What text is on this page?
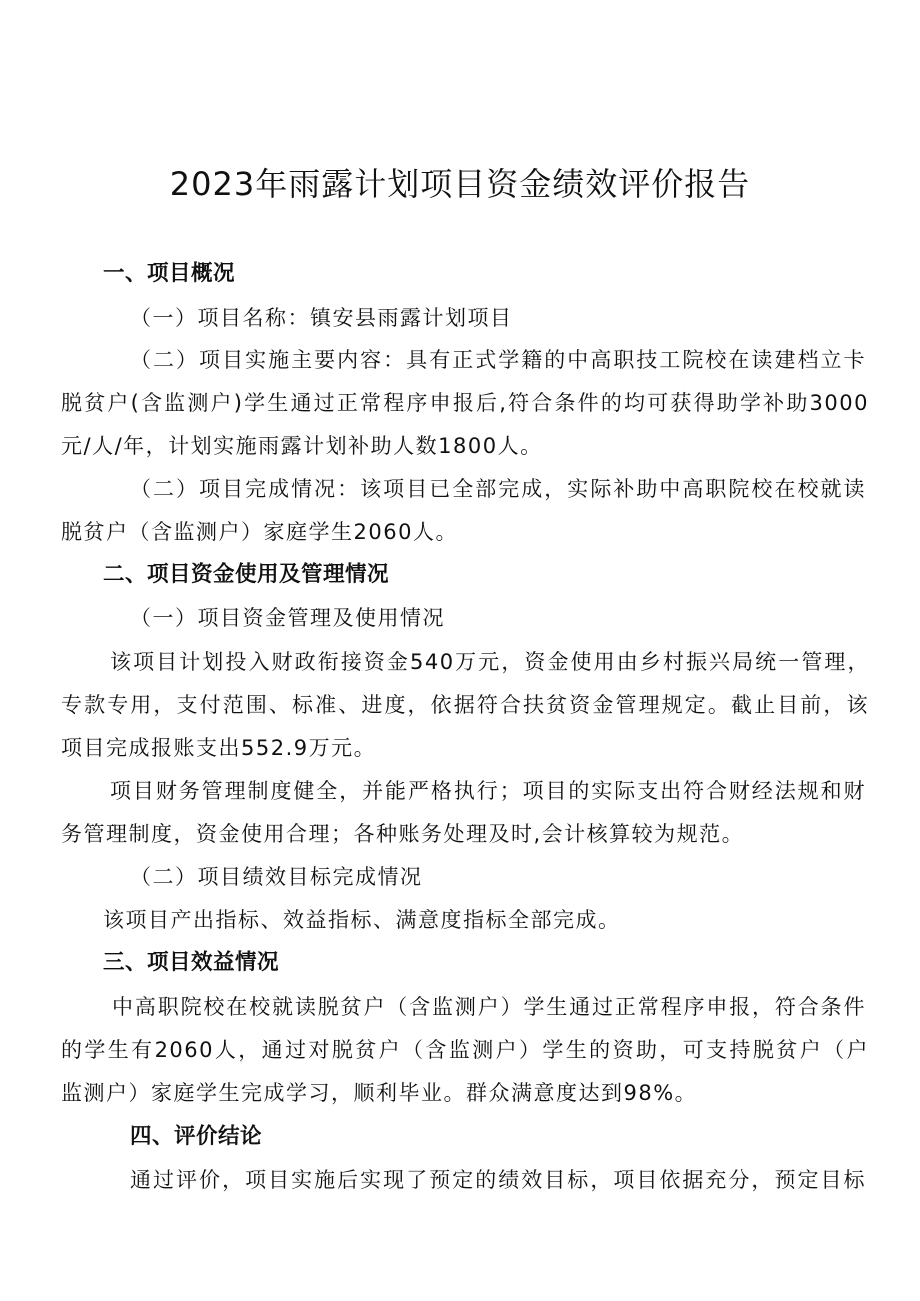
2023年雨露计划项目资金绩效评价报告
一、项目概况
（一）项目名称：镇安县雨露计划项目
（二）项目实施主要内容：具有正式学籍的中高职技工院校在读建档立卡
脱贫户(含监测户)学生通过正常程序申报后,符合条件的均可获得助学补助3000
元/人/年，计划实施雨露计划补助人数1800人。
（二）项目完成情况：该项目已全部完成，实际补助中高职院校在校就读
脱贫户（含监测户）家庭学生2060人。
二、项目资金使用及管理情况
（一）项目资金管理及使用情况
该项目计划投入财政衔接资金540万元，资金使用由乡村振兴局统一管理，
专款专用，支付范围、标准、进度，依据符合扶贫资金管理规定。截止目前，该
项目完成报账支出552.9万元。
项目财务管理制度健全，并能严格执行；项目的实际支出符合财经法规和财
务管理制度，资金使用合理；各种账务处理及时,会计核算较为规范。
（二）项目绩效目标完成情况
该项目产出指标、效益指标、满意度指标全部完成。
三、项目效益情况
中高职院校在校就读脱贫户（含监测户）学生通过正常程序申报，符合条件
的学生有2060人，通过对脱贫户（含监测户）学生的资助，可支持脱贫户（户
监测户）家庭学生完成学习，顺利毕业。群众满意度达到98%。
四、评价结论
通过评价，项目实施后实现了预定的绩效目标，项目依据充分，预定目标
